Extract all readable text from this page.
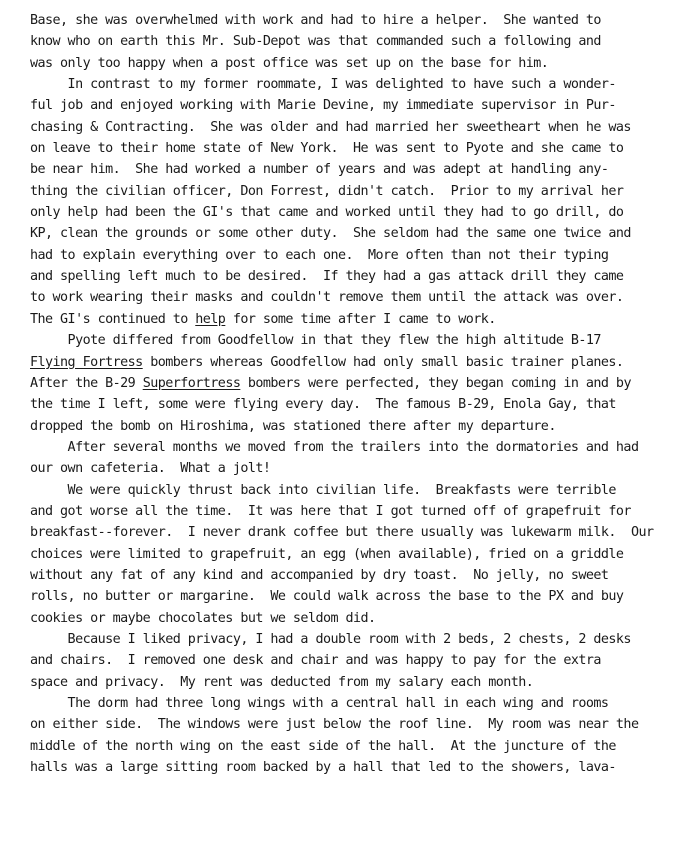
Base, she was overwhelmed with work and had to hire a helper.  She wanted to
know who on earth this Mr. Sub-Depot was that commanded such a following and
was only too happy when a post office was set up on the base for him.
In contrast to my former roommate, I was delighted to have such a wonder-
ful job and enjoyed working with Marie Devine, my immediate supervisor in Pur-
chasing & Contracting.  She was older and had married her sweetheart when he was
on leave to their home state of New York.  He was sent to Pyote and she came to
be near him.  She had worked a number of years and was adept at handling any-
thing the civilian officer, Don Forrest, didn't catch.  Prior to my arrival her
only help had been the GI's that came and worked until they had to go drill, do
KP, clean the grounds or some other duty.  She seldom had the same one twice and
had to explain everything over to each one.  More often than not their typing
and spelling left much to be desired.  If they had a gas attack drill they came
to work wearing their masks and couldn't remove them until the attack was over.
The GI's continued to help for some time after I came to work.
Pyote differed from Goodfellow in that they flew the high altitude B-17
Flying Fortress bombers whereas Goodfellow had only small basic trainer planes.
After the B-29 Superfortress bombers were perfected, they began coming in and by
the time I left, some were flying every day.  The famous B-29, Enola Gay, that
dropped the bomb on Hiroshima, was stationed there after my departure.
After several months we moved from the trailers into the dormatories and had
our own cafeteria.  What a jolt!
We were quickly thrust back into civilian life.  Breakfasts were terrible
and got worse all the time.  It was here that I got turned off of grapefruit for
breakfast--forever.  I never drank coffee but there usually was lukewarm milk.  Our
choices were limited to grapefruit, an egg (when available), fried on a griddle
without any fat of any kind and accompanied by dry toast.  No jelly, no sweet
rolls, no butter or margarine.  We could walk across the base to the PX and buy
cookies or maybe chocolates but we seldom did.
Because I liked privacy, I had a double room with 2 beds, 2 chests, 2 desks
and chairs.  I removed one desk and chair and was happy to pay for the extra
space and privacy.  My rent was deducted from my salary each month.
The dorm had three long wings with a central hall in each wing and rooms
on either side.  The windows were just below the roof line.  My room was near the
middle of the north wing on the east side of the hall.  At the juncture of the
halls was a large sitting room backed by a hall that led to the showers, lava-
